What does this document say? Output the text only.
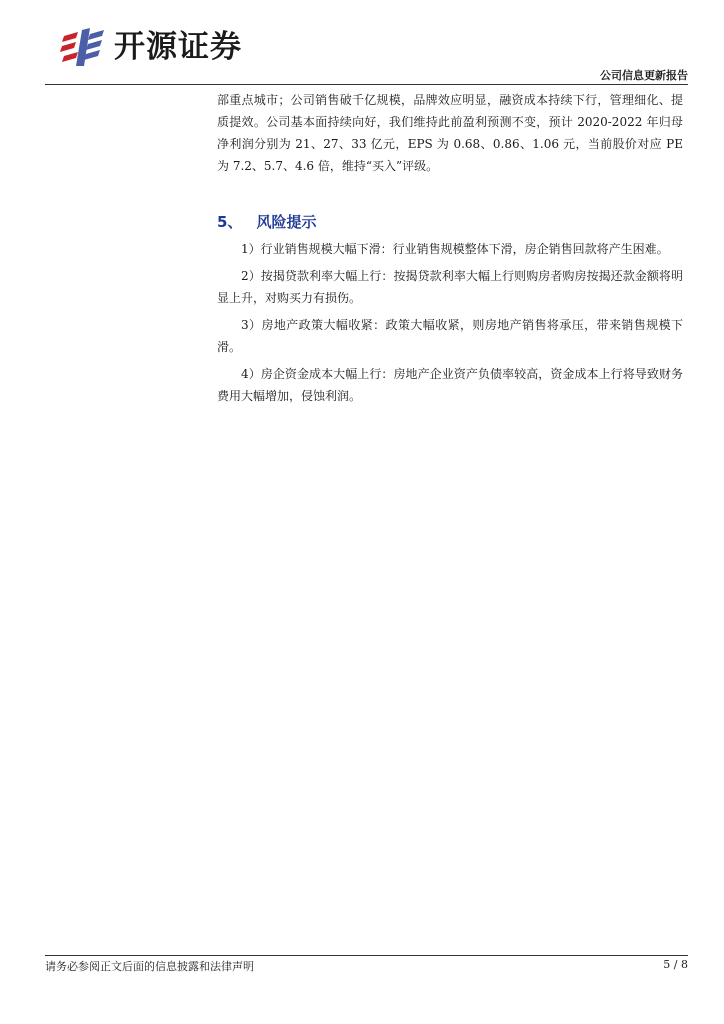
开源证券
公司信息更新报告

部重点城市；公司销售破千亿规模，品牌效应明显，融资成本持续下行，管理细化、提质提效。公司基本面持续向好，我们维持此前盈利预测不变，预计 2020-2022 年归母净利润分别为 21、27、33 亿元，EPS 为 0.68、0.86、1.06 元，当前股价对应 PE 为 7.2、5.7、4.6 倍，维持“买入”评级。

5、 风险提示

1）行业销售规模大幅下滑：行业销售规模整体下滑，房企销售回款将产生困难。

2）按揭贷款利率大幅上行：按揭贷款利率大幅上行则购房者购房按揭还款金额将明显上升，对购买力有损伤。

3）房地产政策大幅收紧：政策大幅收紧，则房地产销售将承压，带来销售规模下滑。

4）房企资金成本大幅上行：房地产企业资产负债率较高，资金成本上行将导致财务费用大幅增加，侵蚀利润。

请务必参阅正文后面的信息披露和法律声明	5 / 8
